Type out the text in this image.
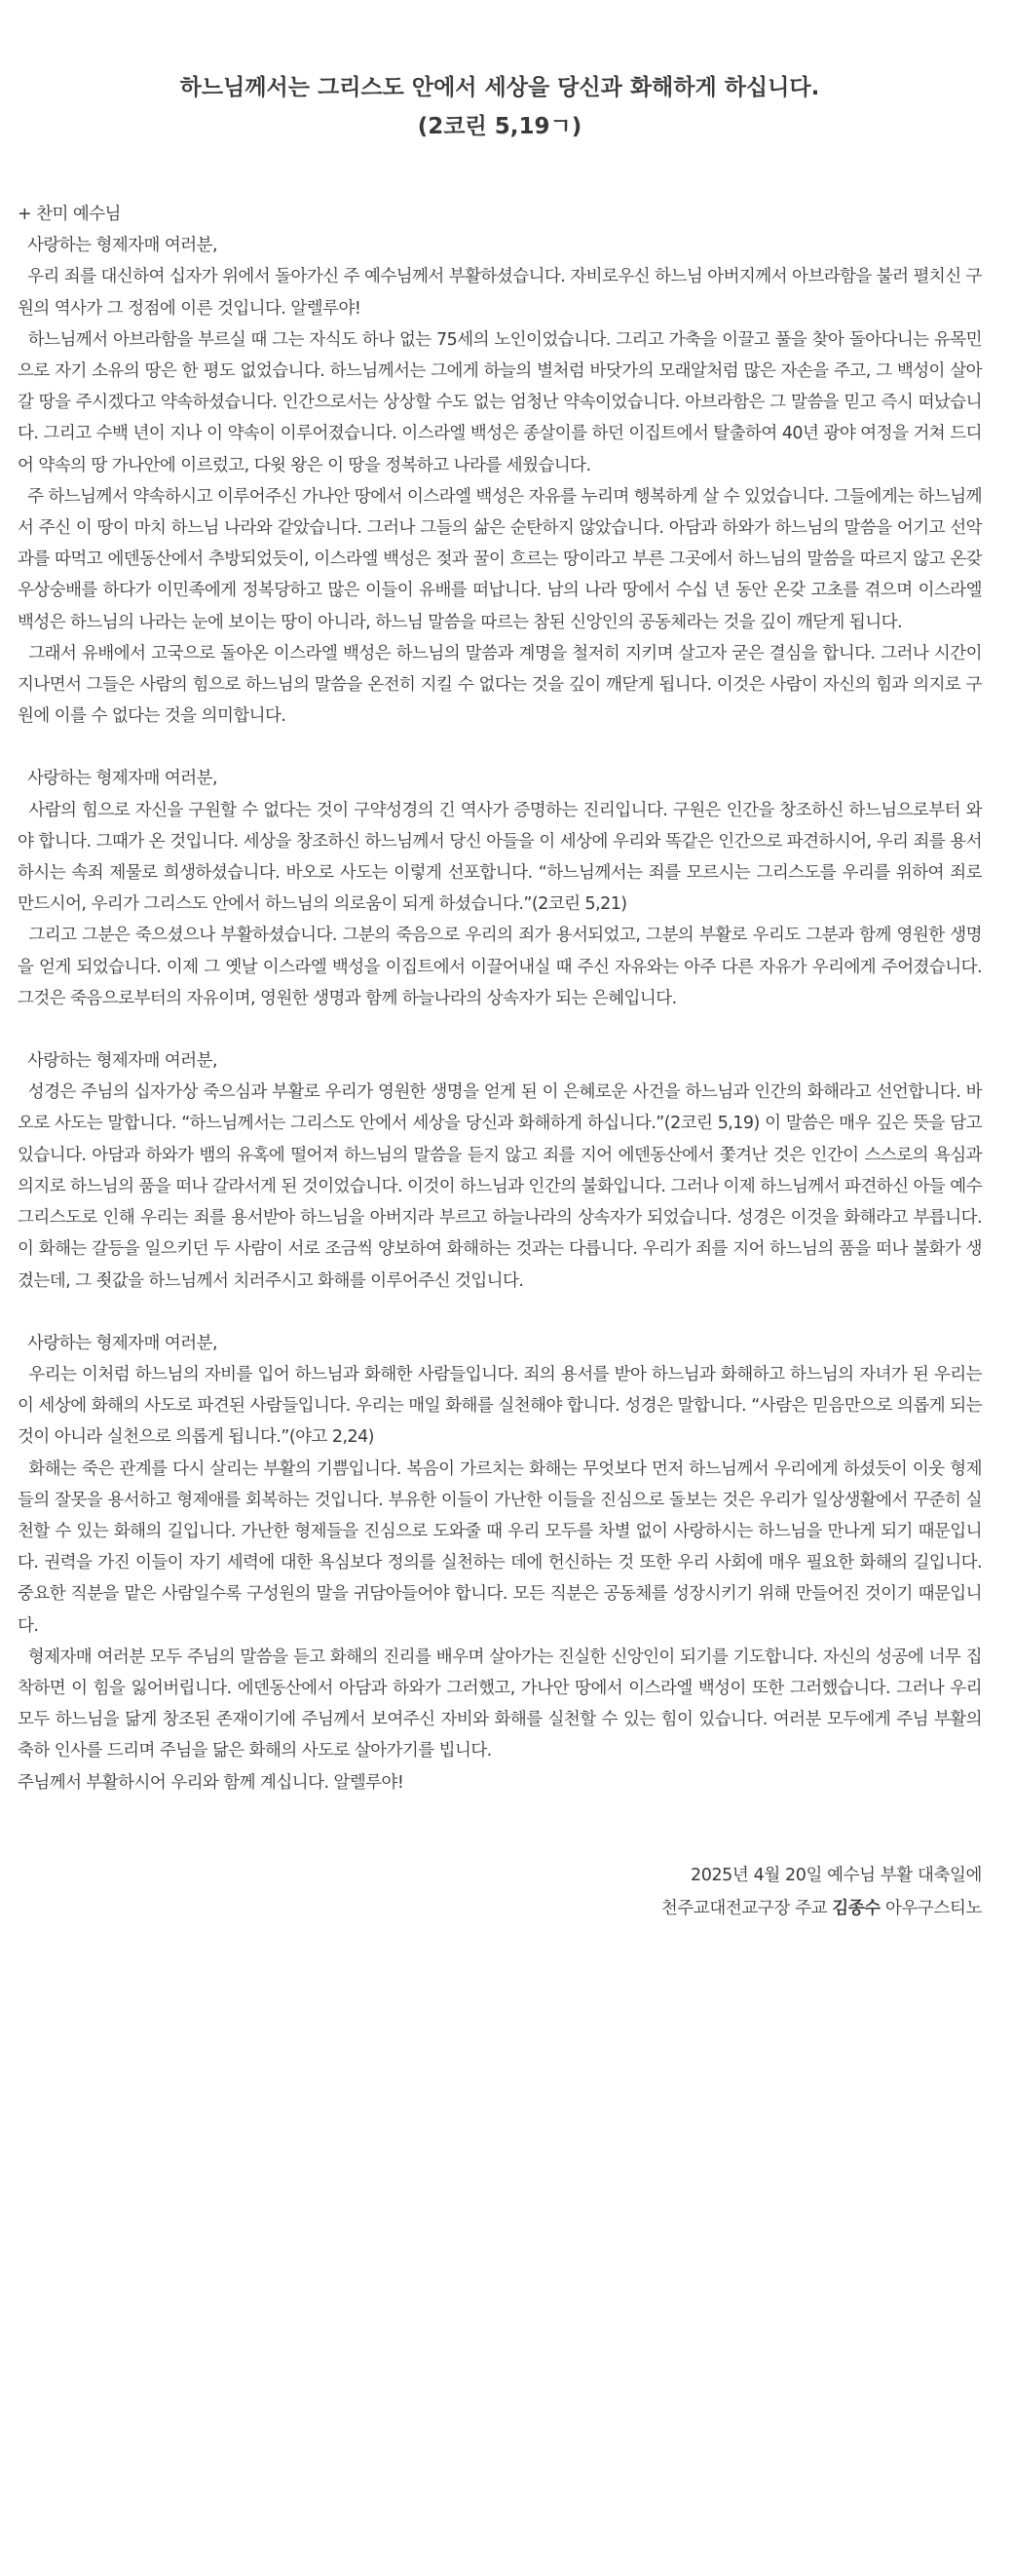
하느님께서는 그리스도 안에서 세상을 당신과 화해하게 하십니다.
(2코린 5,19ㄱ)

+ 찬미 예수님

사랑하는 형제자매 여러분,

우리 죄를 대신하여 십자가 위에서 돌아가신 주 예수님께서 부활하셨습니다. 자비로우신 하느님 아버지께서 아브라함을 불러 펼치신 구원의 역사가 그 정점에 이른 것입니다. 알렐루야!

하느님께서 아브라함을 부르실 때 그는 자식도 하나 없는 75세의 노인이었습니다. 그리고 가축을 이끌고 풀을 찾아 돌아다니는 유목민으로 자기 소유의 땅은 한 평도 없었습니다. 하느님께서는 그에게 하늘의 별처럼 바닷가의 모래알처럼 많은 자손을 주고, 그 백성이 살아갈 땅을 주시겠다고 약속하셨습니다. 인간으로서는 상상할 수도 없는 엄청난 약속이었습니다. 아브라함은 그 말씀을 믿고 즉시 떠났습니다. 그리고 수백 년이 지나 이 약속이 이루어졌습니다. 이스라엘 백성은 종살이를 하던 이집트에서 탈출하여 40년 광야 여정을 거쳐 드디어 약속의 땅 가나안에 이르렀고, 다윗 왕은 이 땅을 정복하고 나라를 세웠습니다.

주 하느님께서 약속하시고 이루어주신 가나안 땅에서 이스라엘 백성은 자유를 누리며 행복하게 살 수 있었습니다. 그들에게는 하느님께서 주신 이 땅이 마치 하느님 나라와 같았습니다. 그러나 그들의 삶은 순탄하지 않았습니다. 아담과 하와가 하느님의 말씀을 어기고 선악과를 따먹고 에덴동산에서 추방되었듯이, 이스라엘 백성은 젖과 꿀이 흐르는 땅이라고 부른 그곳에서 하느님의 말씀을 따르지 않고 온갖 우상숭배를 하다가 이민족에게 정복당하고 많은 이들이 유배를 떠납니다. 남의 나라 땅에서 수십 년 동안 온갖 고초를 겪으며 이스라엘 백성은 하느님의 나라는 눈에 보이는 땅이 아니라, 하느님 말씀을 따르는 참된 신앙인의 공동체라는 것을 깊이 깨닫게 됩니다.

그래서 유배에서 고국으로 돌아온 이스라엘 백성은 하느님의 말씀과 계명을 철저히 지키며 살고자 굳은 결심을 합니다. 그러나 시간이 지나면서 그들은 사람의 힘으로 하느님의 말씀을 온전히 지킬 수 없다는 것을 깊이 깨닫게 됩니다. 이것은 사람이 자신의 힘과 의지로 구원에 이를 수 없다는 것을 의미합니다.

사랑하는 형제자매 여러분,

사람의 힘으로 자신을 구원할 수 없다는 것이 구약성경의 긴 역사가 증명하는 진리입니다. 구원은 인간을 창조하신 하느님으로부터 와야 합니다. 그때가 온 것입니다. 세상을 창조하신 하느님께서 당신 아들을 이 세상에 우리와 똑같은 인간으로 파견하시어, 우리 죄를 용서하시는 속죄 제물로 희생하셨습니다. 바오로 사도는 이렇게 선포합니다. “하느님께서는 죄를 모르시는 그리스도를 우리를 위하여 죄로 만드시어, 우리가 그리스도 안에서 하느님의 의로움이 되게 하셨습니다.”(2코린 5,21)

그리고 그분은 죽으셨으나 부활하셨습니다. 그분의 죽음으로 우리의 죄가 용서되었고, 그분의 부활로 우리도 그분과 함께 영원한 생명을 얻게 되었습니다. 이제 그 옛날 이스라엘 백성을 이집트에서 이끌어내실 때 주신 자유와는 아주 다른 자유가 우리에게 주어졌습니다. 그것은 죽음으로부터의 자유이며, 영원한 생명과 함께 하늘나라의 상속자가 되는 은혜입니다.

사랑하는 형제자매 여러분,

성경은 주님의 십자가상 죽으심과 부활로 우리가 영원한 생명을 얻게 된 이 은혜로운 사건을 하느님과 인간의 화해라고 선언합니다. 바오로 사도는 말합니다. “하느님께서는 그리스도 안에서 세상을 당신과 화해하게 하십니다.”(2코린 5,19) 이 말씀은 매우 깊은 뜻을 담고 있습니다. 아담과 하와가 뱀의 유혹에 떨어져 하느님의 말씀을 듣지 않고 죄를 지어 에덴동산에서 쫓겨난 것은 인간이 스스로의 욕심과 의지로 하느님의 품을 떠나 갈라서게 된 것이었습니다. 이것이 하느님과 인간의 불화입니다. 그러나 이제 하느님께서 파견하신 아들 예수 그리스도로 인해 우리는 죄를 용서받아 하느님을 아버지라 부르고 하늘나라의 상속자가 되었습니다. 성경은 이것을 화해라고 부릅니다. 이 화해는 갈등을 일으키던 두 사람이 서로 조금씩 양보하여 화해하는 것과는 다릅니다. 우리가 죄를 지어 하느님의 품을 떠나 불화가 생겼는데, 그 죗값을 하느님께서 치러주시고 화해를 이루어주신 것입니다.

사랑하는 형제자매 여러분,

우리는 이처럼 하느님의 자비를 입어 하느님과 화해한 사람들입니다. 죄의 용서를 받아 하느님과 화해하고 하느님의 자녀가 된 우리는 이 세상에 화해의 사도로 파견된 사람들입니다. 우리는 매일 화해를 실천해야 합니다. 성경은 말합니다. “사람은 믿음만으로 의롭게 되는 것이 아니라 실천으로 의롭게 됩니다.”(야고 2,24)

화해는 죽은 관계를 다시 살리는 부활의 기쁨입니다. 복음이 가르치는 화해는 무엇보다 먼저 하느님께서 우리에게 하셨듯이 이웃 형제들의 잘못을 용서하고 형제애를 회복하는 것입니다. 부유한 이들이 가난한 이들을 진심으로 돌보는 것은 우리가 일상생활에서 꾸준히 실천할 수 있는 화해의 길입니다. 가난한 형제들을 진심으로 도와줄 때 우리 모두를 차별 없이 사랑하시는 하느님을 만나게 되기 때문입니다. 권력을 가진 이들이 자기 세력에 대한 욕심보다 정의를 실천하는 데에 헌신하는 것 또한 우리 사회에 매우 필요한 화해의 길입니다. 중요한 직분을 맡은 사람일수록 구성원의 말을 귀담아들어야 합니다. 모든 직분은 공동체를 성장시키기 위해 만들어진 것이기 때문입니다.

형제자매 여러분 모두 주님의 말씀을 듣고 화해의 진리를 배우며 살아가는 진실한 신앙인이 되기를 기도합니다. 자신의 성공에 너무 집착하면 이 힘을 잃어버립니다. 에덴동산에서 아담과 하와가 그러했고, 가나안 땅에서 이스라엘 백성이 또한 그러했습니다. 그러나 우리 모두 하느님을 닮게 창조된 존재이기에 주님께서 보여주신 자비와 화해를 실천할 수 있는 힘이 있습니다. 여러분 모두에게 주님 부활의 축하 인사를 드리며 주님을 닮은 화해의 사도로 살아가기를 빕니다.

주님께서 부활하시어 우리와 함께 계십니다. 알렐루야!

2025년 4월 20일 예수님 부활 대축일에

천주교대전교구장 주교 김종수 아우구스티노
